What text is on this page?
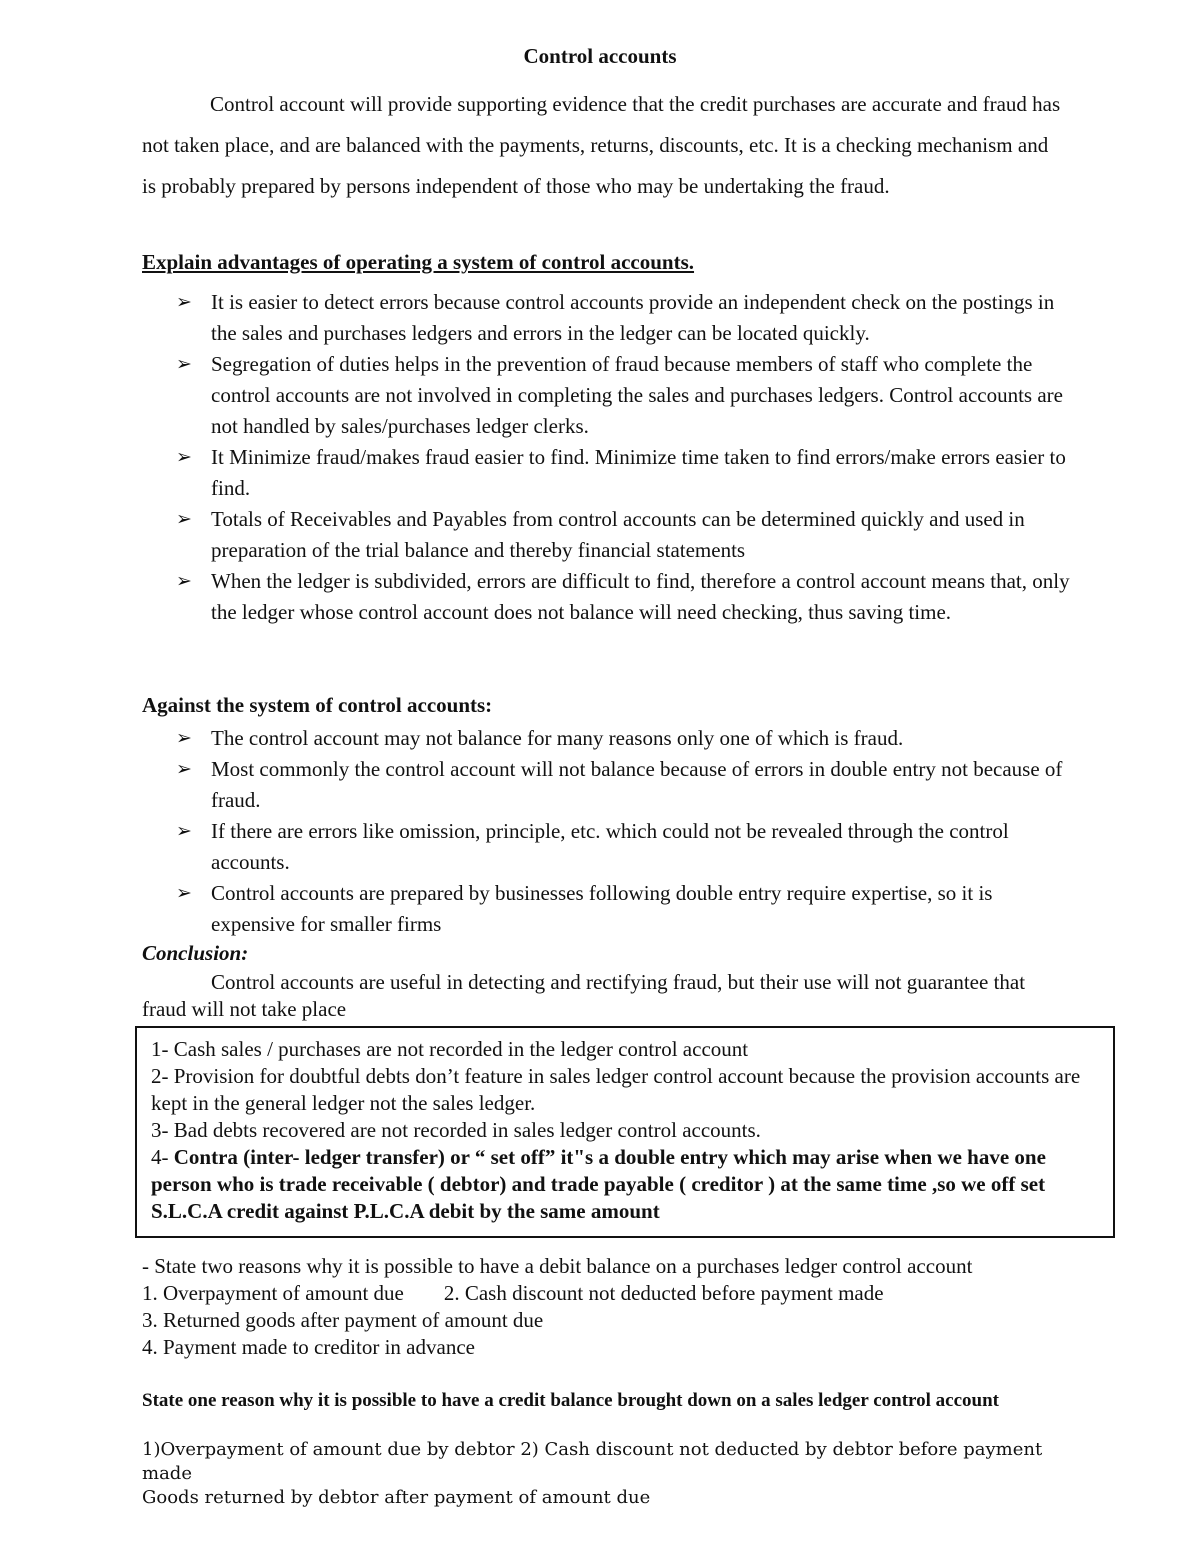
Control accounts
Control account will provide supporting evidence that the credit purchases are accurate and fraud has not taken place, and are balanced with the payments, returns, discounts, etc. It is a checking mechanism and is probably prepared by persons independent of those who may be undertaking the fraud.
Explain advantages of operating a system of control accounts.
➢ It is easier to detect errors because control accounts provide an independent check on the postings in the sales and purchases ledgers and errors in the ledger can be located quickly.
➢ Segregation of duties helps in the prevention of fraud because members of staff who complete the control accounts are not involved in completing the sales and purchases ledgers. Control accounts are not handled by sales/purchases ledger clerks.
➢ It Minimize fraud/makes fraud easier to find. Minimize time taken to find errors/make errors easier to find.
➢ Totals of Receivables and Payables from control accounts can be determined quickly and used in preparation of the trial balance and thereby financial statements
➢ When the ledger is subdivided, errors are difficult to find, therefore a control account means that, only the ledger whose control account does not balance will need checking, thus saving time.
Against the system of control accounts:
➢ The control account may not balance for many reasons only one of which is fraud.
➢ Most commonly the control account will not balance because of errors in double entry not because of fraud.
➢ If there are errors like omission, principle, etc. which could not be revealed through the control accounts.
➢ Control accounts are prepared by businesses following double entry require expertise, so it is expensive for smaller firms
Conclusion:
Control accounts are useful in detecting and rectifying fraud, but their use will not guarantee that fraud will not take place
1- Cash sales / purchases are not recorded in the ledger control account
2- Provision for doubtful debts don’t feature in sales ledger control account because the provision accounts are kept in the general ledger not the sales ledger.
3- Bad debts recovered are not recorded in sales ledger control accounts.
4- Contra (inter- ledger transfer) or “ set off” it"s a double entry which may arise when we have one person who is trade receivable ( debtor) and trade payable ( creditor ) at the same time ,so we off set S.L.C.A credit against P.L.C.A debit by the same amount
- State two reasons why it is possible to have a debit balance on a purchases ledger control account
1. Overpayment of amount due 2. Cash discount not deducted before payment made
3. Returned goods after payment of amount due
4. Payment made to creditor in advance
State one reason why it is possible to have a credit balance brought down on a sales ledger control account
1)Overpayment of amount due by debtor 2) Cash discount not deducted by debtor before payment made
Goods returned by debtor after payment of amount due
